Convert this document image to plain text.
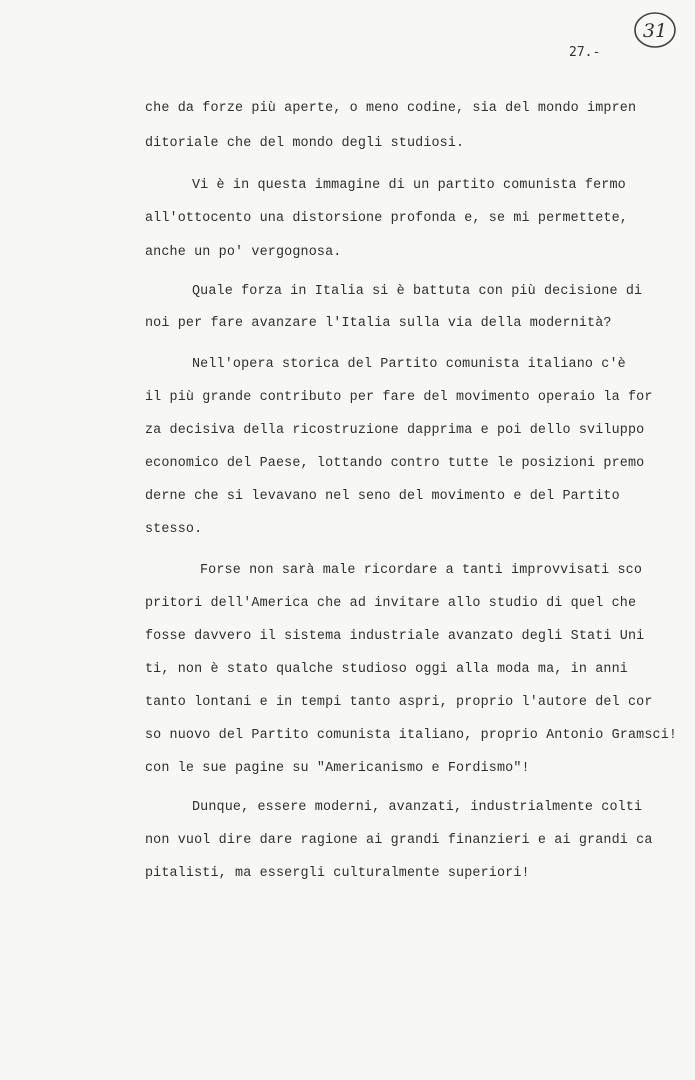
31
27.-
che da forze più aperte, o meno codine, sia del mondo impren
ditoriale che del mondo degli studiosi.
Vi è in questa immagine di un partito comunista fermo
all'ottocento una distorsione profonda e, se mi permettete,
anche un po' vergognosa.
Quale forza in Italia si è battuta con più decisione di
noi per fare avanzare l'Italia sulla via della modernità?
Nell'opera storica del Partito comunista italiano c'è
il più grande contributo per fare del movimento operaio la for
za decisiva della ricostruzione dapprima e poi dello sviluppo
economico del Paese, lottando contro tutte le posizioni premo
derne che si levavano nel seno del movimento e del Partito
stesso.
Forse non sarà male ricordare a tanti improvvisati sco
pritori dell'America che ad invitare allo studio di quel che
fosse davvero il sistema industriale avanzato degli Stati Uni
ti, non è stato qualche studioso oggi alla moda ma, in anni
tanto lontani e in tempi tanto aspri, proprio l'autore del cor
so nuovo del Partito comunista italiano, proprio Antonio Gramsci!
con le sue pagine su "Americanismo e Fordismo"!
Dunque, essere moderni, avanzati, industrialmente colti
non vuol dire dare ragione ai grandi finanzieri e ai grandi ca
pitalisti, ma essergli culturalmente superiori!
